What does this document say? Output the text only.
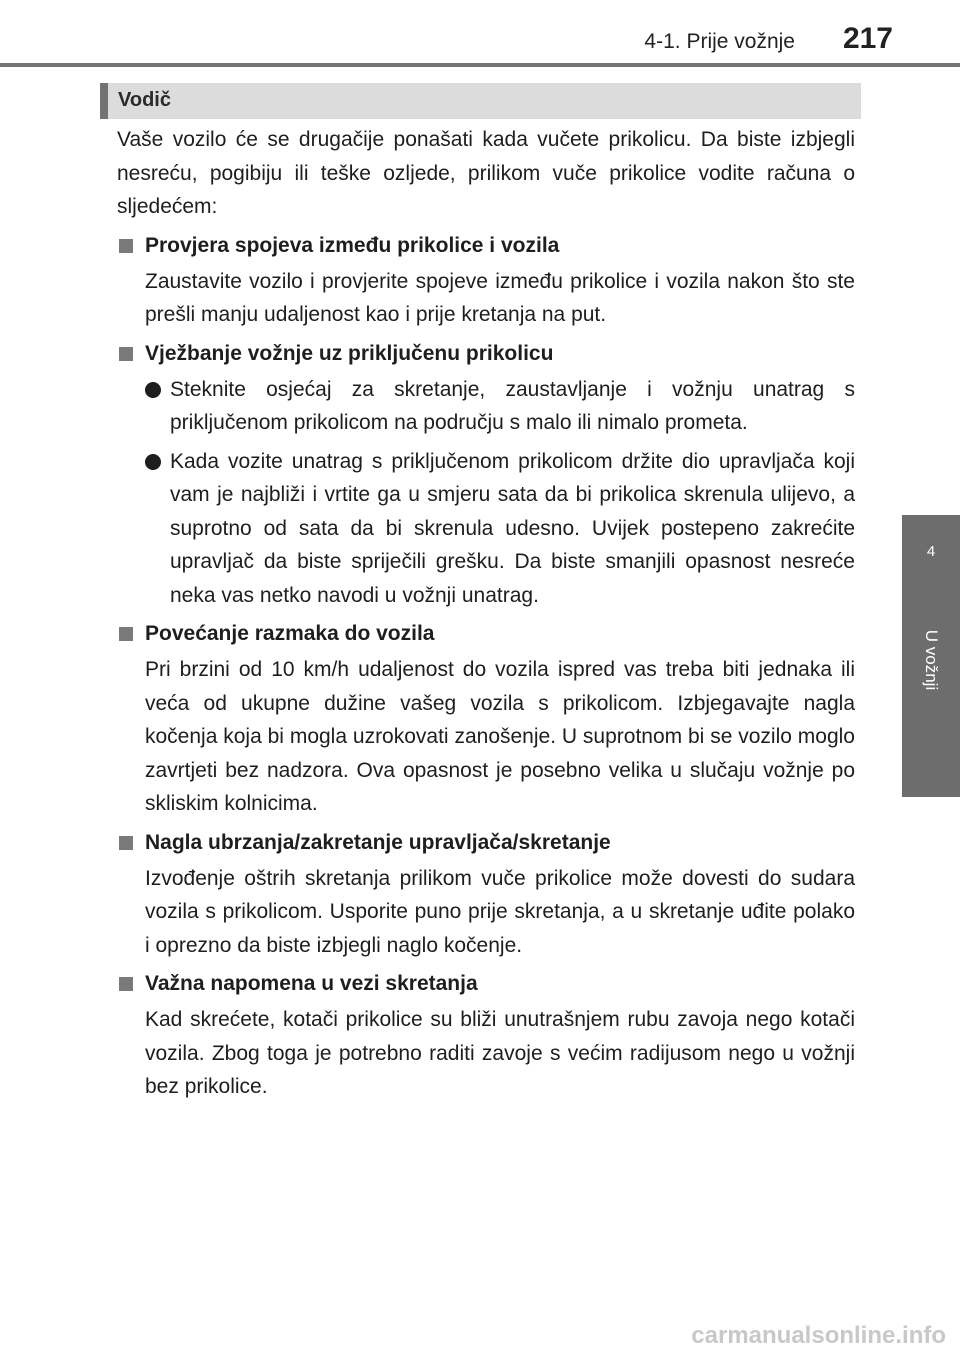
4-1. Prije vožnje	217
4
U vožnji
Vodič

Vaše vozilo će se drugačije ponašati kada vučete prikolicu. Da biste izbjegli nesreću, pogibiju ili teške ozljede, prilikom vuče prikolice vodite računa o sljedećem:

Provjera spojeva između prikolice i vozila

Zaustavite vozilo i provjerite spojeve između prikolice i vozila nakon što ste prešli manju udaljenost kao i prije kretanja na put.

Vježbanje vožnje uz priključenu prikolicu
Steknite osjećaj za skretanje, zaustavljanje i vožnju unatrag s priključenom prikolicom na području s malo ili nimalo prometa.
Kada vozite unatrag s priključenom prikolicom držite dio upravljača koji vam je najbliži i vrtite ga u smjeru sata da bi prikolica skrenula ulijevo, a suprotno od sata da bi skrenula udesno. Uvijek postepeno zakrećite upravljač da biste spriječili grešku. Da biste smanjili opasnost nesreće neka vas netko navodi u vožnji unatrag.
Povećanje razmaka do vozila

Pri brzini od 10 km/h udaljenost do vozila ispred vas treba biti jednaka ili veća od ukupne dužine vašeg vozila s prikolicom. Izbjegavajte nagla kočenja koja bi mogla uzrokovati zanošenje. U suprotnom bi se vozilo moglo zavrtjeti bez nadzora. Ova opasnost je posebno velika u slučaju vožnje po skliskim kolnicima.

Nagla ubrzanja/zakretanje upravljača/skretanje

Izvođenje oštrih skretanja prilikom vuče prikolice može dovesti do sudara vozila s prikolicom. Usporite puno prije skretanja, a u skretanje uđite polako i oprezno da biste izbjegli naglo kočenje.

Važna napomena u vezi skretanja

Kad skrećete, kotači prikolice su bliži unutrašnjem rubu zavoja nego kotači vozila. Zbog toga je potrebno raditi zavoje s većim radijusom nego u vožnji bez prikolice.

carmanualsonline.info
